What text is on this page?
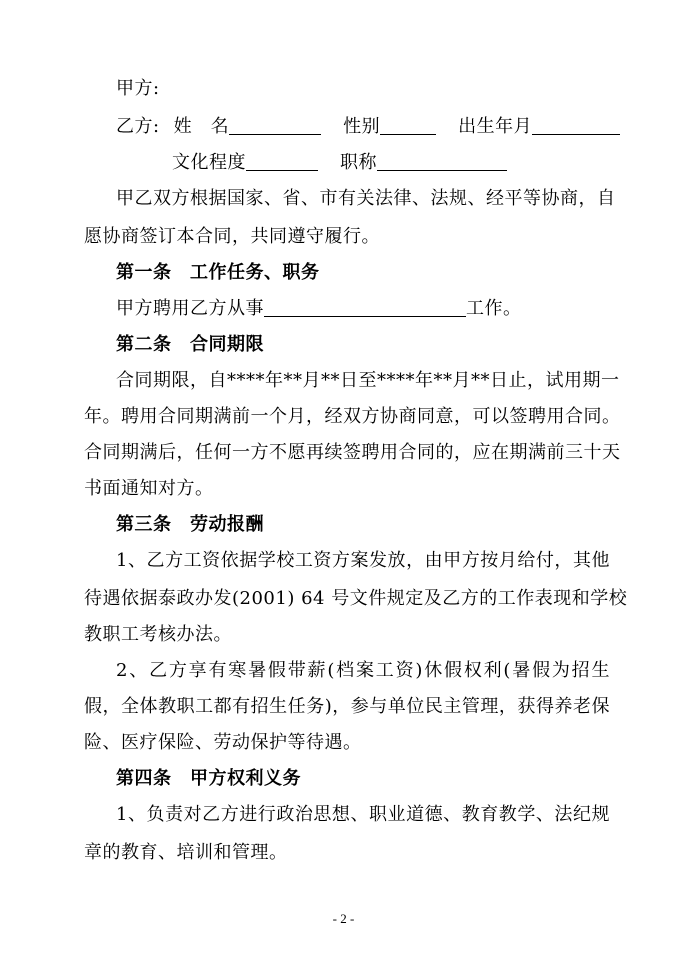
甲方:
乙方: 姓　名	性别	出生年月
文化程度	职称
甲乙双方根据国家、省、市有关法律、法规、经平等协商，自
愿协商签订本合同，共同遵守履行。
第一条　工作任务、职务
甲方聘用乙方从事	工作。
第二条　合同期限
合同期限，自****年**月**日至****年**月**日止，试用期一
年。聘用合同期满前一个月，经双方协商同意，可以签聘用合同。
合同期满后，任何一方不愿再续签聘用合同的，应在期满前三十天
书面通知对方。
第三条　劳动报酬
1、乙方工资依据学校工资方案发放，由甲方按月给付，其他
待遇依据泰政办发(2001) 64 号文件规定及乙方的工作表现和学校
教职工考核办法。
2、乙方享有寒暑假带薪(档案工资)休假权利(暑假为招生
假，全体教职工都有招生任务)，参与单位民主管理，获得养老保
险、医疗保险、劳动保护等待遇。
第四条　甲方权利义务
1、负责对乙方进行政治思想、职业道德、教育教学、法纪规
章的教育、培训和管理。
- 2 -
